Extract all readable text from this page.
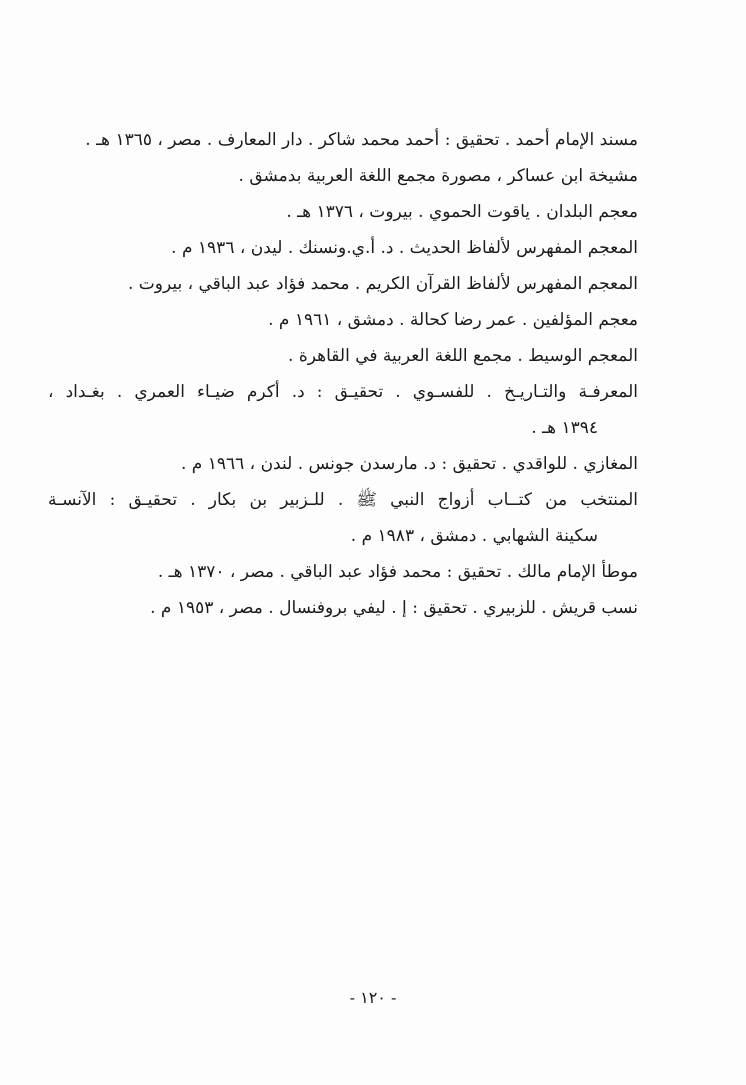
مسند الإمام أحمد . تحقيق : أحمد محمد شاكر . دار المعارف . مصر ، ١٣٦٥ هـ .
مشيخة ابن عساكر ، مصورة مجمع اللغة العربية بدمشق .
معجم البلدان . ياقوت الحموي . بيروت ، ١٣٧٦ هـ .
المعجم المفهرس لألفاظ الحديث . د. أ.ي.ونسنك . ليدن ، ١٩٣٦ م .
المعجم المفهرس لألفاظ القرآن الكريم . محمد فؤاد عبد الباقي ، بيروت .
معجم المؤلفين . عمر رضا كحالة . دمشق ، ١٩٦١ م .
المعجم الوسيط . مجمع اللغة العربية في القاهرة .
المعرفـة والتـاريـخ . للفسـوي . تحقيـق : د. أكرم ضيـاء العمري . بغـداد ،
١٣٩٤ هـ .
المغازي . للواقدي . تحقيق : د. مارسدن جونس . لندن ، ١٩٦٦ م .
المنتخب من كتــاب أزواج النبي ﷺ . للـزبير بن بكار . تحقيـق : الآنسـة
سكينة الشهابي . دمشق ، ١٩٨٣ م .
موطأ الإمام مالك . تحقيق : محمد فؤاد عبد الباقي . مصر ، ١٣٧٠ هـ .
نسب قريش . للزبيري . تحقيق : إ . ليفي بروفنسال . مصر ، ١٩٥٣ م .
- ١٢٠ -
